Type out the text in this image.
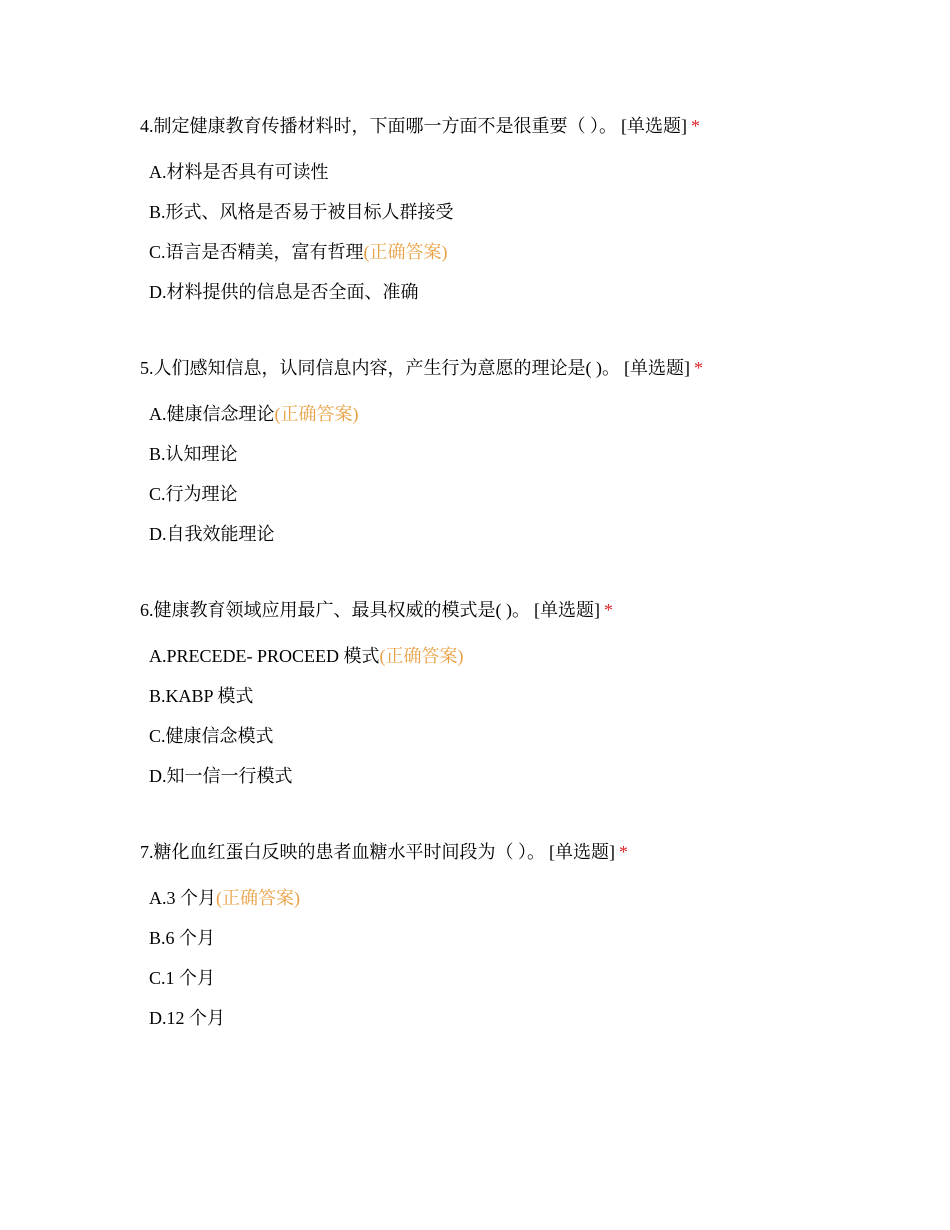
4.制定健康教育传播材料时，下面哪一方面不是很重要（ ）。 [单选题] *
A.材料是否具有可读性
B.形式、风格是否易于被目标人群接受
C.语言是否精美，富有哲理(正确答案)
D.材料提供的信息是否全面、准确
5.人们感知信息，认同信息内容，产生行为意愿的理论是( )。 [单选题] *
A.健康信念理论(正确答案)
B.认知理论
C.行为理论
D.自我效能理论
6.健康教育领域应用最广、最具权威的模式是( )。 [单选题] *
A.PRECEDE- PROCEED 模式(正确答案)
B.KABP 模式
C.健康信念模式
D.知一信一行模式
7.糖化血红蛋白反映的患者血糖水平时间段为（ ）。 [单选题] *
A.3 个月(正确答案)
B.6 个月
C.1 个月
D.12 个月
